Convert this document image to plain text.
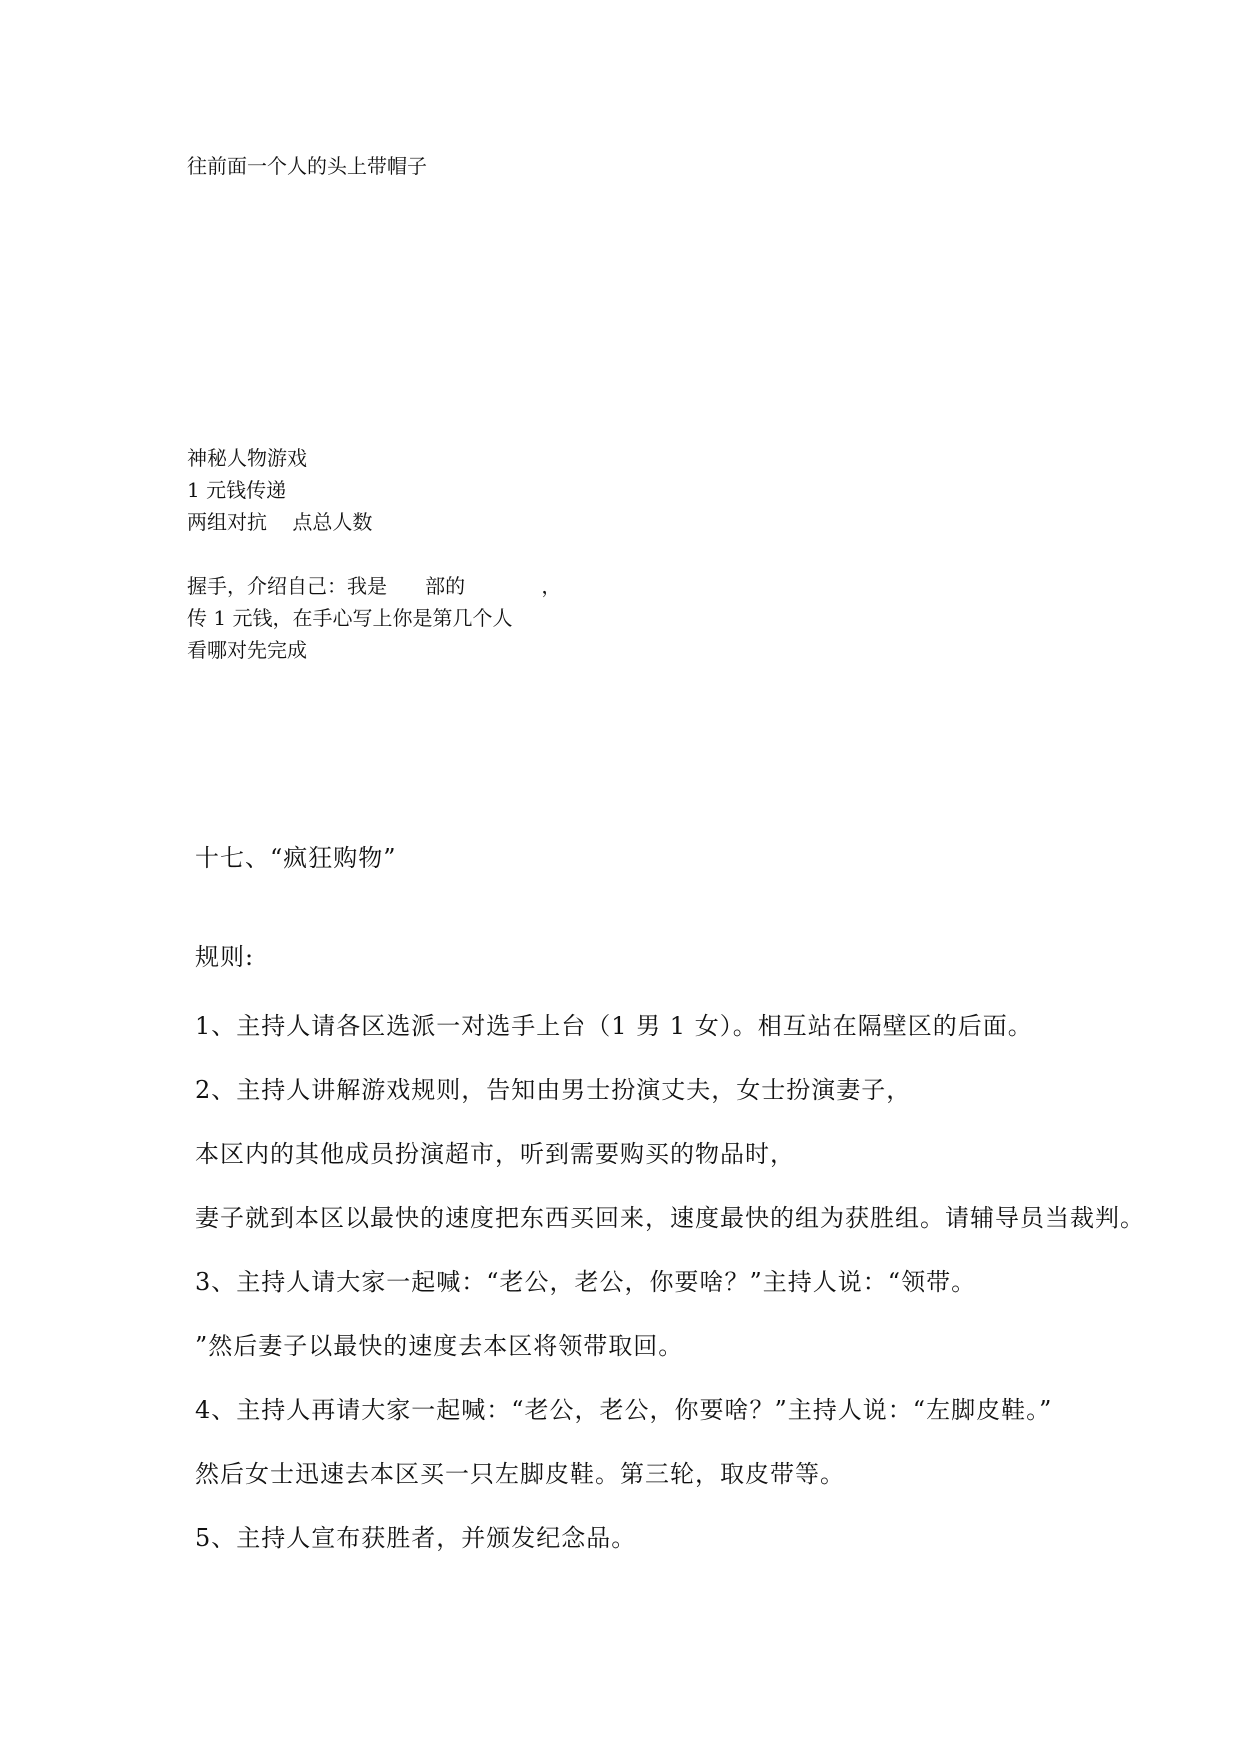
往前面一个人的头上带帽子
神秘人物游戏
1 元钱传递
两组对抗    点总人数
握手，介绍自己：我是      部的            ，
传 1 元钱，在手心写上你是第几个人
看哪对先完成
十七、“疯狂购物”
规则:
1、主持人请各区选派一对选手上台（1 男 1 女）。相互站在隔壁区的后面。
2、主持人讲解游戏规则，告知由男士扮演丈夫，女士扮演妻子，
本区内的其他成员扮演超市，听到需要购买的物品时，
妻子就到本区以最快的速度把东西买回来，速度最快的组为获胜组。请辅导员当裁判。
3、主持人请大家一起喊：“老公，老公，你要啥？”主持人说：“领带。
”然后妻子以最快的速度去本区将领带取回。
4、主持人再请大家一起喊：“老公，老公，你要啥？”主持人说：“左脚皮鞋。”
然后女士迅速去本区买一只左脚皮鞋。第三轮，取皮带等。
5、主持人宣布获胜者，并颁发纪念品。
